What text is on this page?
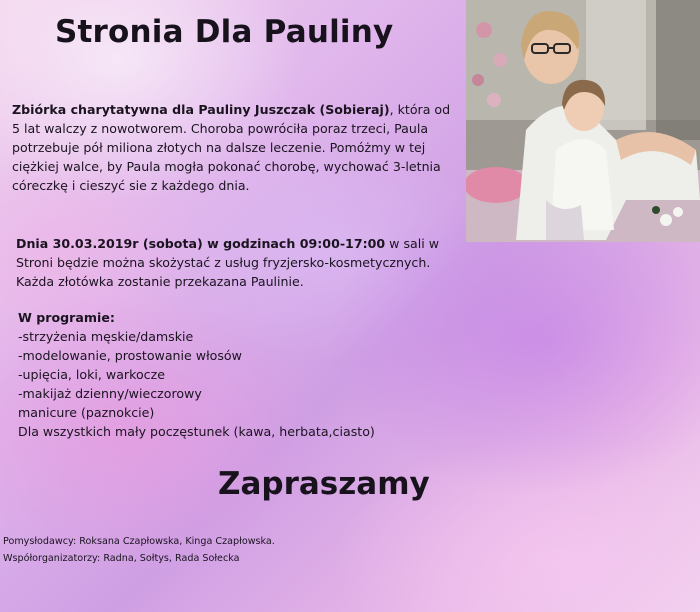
Stronia Dla Pauliny

Zbiórka charytatywna dla Pauliny Juszczak (Sobieraj), która od 5 lat walczy z nowotworem. Choroba powróciła poraz trzeci, Paula potrzebuje pół miliona złotych na dalsze leczenie. Pomóżmy w tej ciężkiej walce, by Paula mogła pokonać chorobę, wychować 3-letnia córeczkę i cieszyć sie z każdego dnia.

Dnia 30.03.2019r (sobota) w godzinach 09:00-17:00 w sali w Stroni będzie można skożystać z usług fryzjersko-kosmetycznych. Każda złotówka zostanie przekazana Paulinie.

W programie:
-strzyżenia męskie/damskie
-modelowanie, prostowanie włosów
-upięcia, loki, warkocze
-makijaż dzienny/wieczorowy
manicure (paznokcie)
Dla wszystkich mały poczęstunek (kawa, herbata,ciasto)
Zapraszamy
Pomysłodawcy: Roksana Czapłowska, Kinga Czapłowska.
Współorganizatorzy: Radna, Sołtys, Rada Sołecka
